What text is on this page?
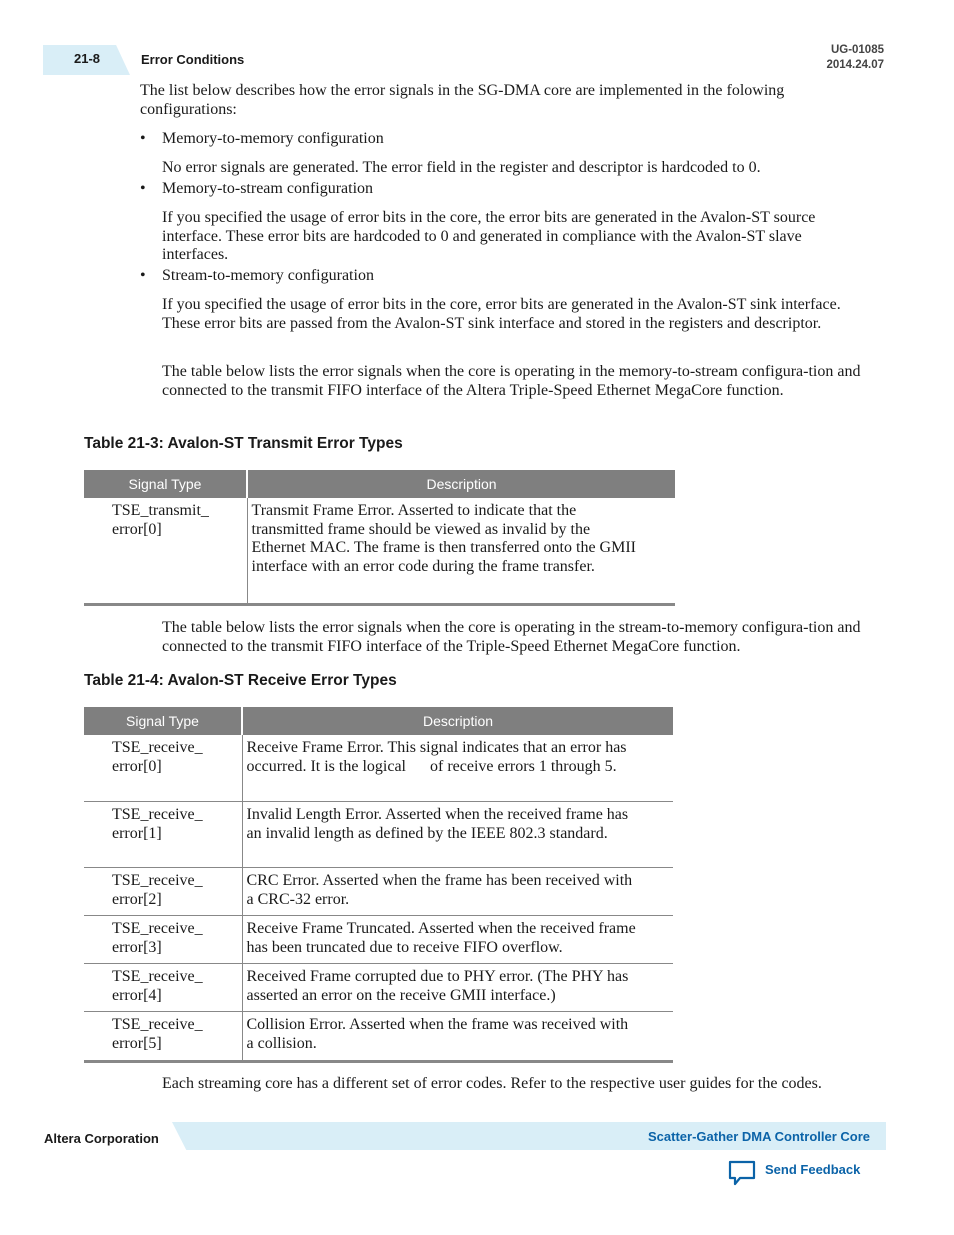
21-8	Error Conditions
UG-01085
2014.24.07

The list below describes how the error signals in the SG-DMA core are implemented in the folowing configurations:

• Memory-to-memory configuration

No error signals are generated. The error field in the register and descriptor is hardcoded to 0.

• Memory-to-stream configuration

If you specified the usage of error bits in the core, the error bits are generated in the Avalon-ST source interface. These error bits are hardcoded to 0 and generated in compliance with the Avalon-ST slave interfaces.

• Stream-to-memory configuration

If you specified the usage of error bits in the core, error bits are generated in the Avalon-ST sink interface. These error bits are passed from the Avalon-ST sink interface and stored in the registers and descriptor.

The table below lists the error signals when the core is operating in the memory-to-stream configura-tion and connected to the transmit FIFO interface of the Altera Triple-Speed Ethernet MegaCore function.

Table 21-3: Avalon-ST Transmit Error Types
Signal Type	Description

TSE_transmit_
error[0]	Transmit Frame Error. Asserted to indicate that the transmitted frame should be viewed as invalid by the Ethernet MAC. The frame is then transferred onto the GMII interface with an error code during the frame transfer.

The table below lists the error signals when the core is operating in the stream-to-memory configura-tion and connected to the transmit FIFO interface of the Triple-Speed Ethernet MegaCore function.

Table 21-4: Avalon-ST Receive Error Types
Signal Type	Description

TSE_receive_
error[0]	Receive Frame Error. This signal indicates that an error has occurred. It is the logical      of receive errors 1 through 5.

TSE_receive_
error[1]	Invalid Length Error. Asserted when the received frame has an invalid length as defined by the IEEE 802.3 standard.

TSE_receive_
error[2]	CRC Error. Asserted when the frame has been received with a CRC-32 error.

TSE_receive_
error[3]	Receive Frame Truncated. Asserted when the received frame has been truncated due to receive FIFO overflow.

TSE_receive_
error[4]	Received Frame corrupted due to PHY error. (The PHY has asserted an error on the receive GMII interface.)

TSE_receive_
error[5]	Collision Error. Asserted when the frame was received with a collision.

Each streaming core has a different set of error codes. Refer to the respective user guides for the codes.

Altera Corporation	Scatter-Gather DMA Controller Core
Send Feedback
